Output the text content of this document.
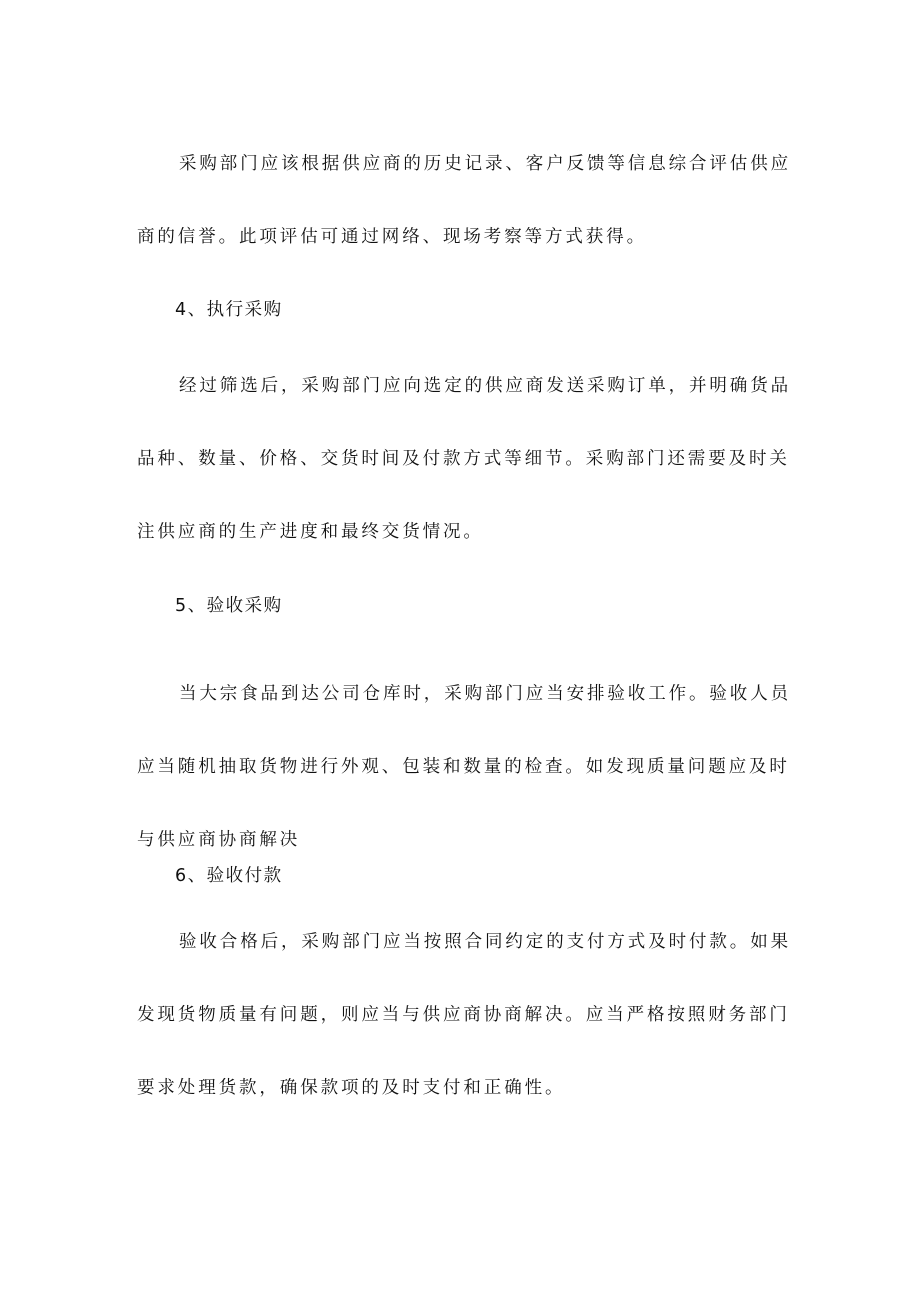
采购部门应该根据供应商的历史记录、客户反馈等信息综合评估供应
商的信誉。此项评估可通过网络、现场考察等方式获得。
4、执行采购
经过筛选后，采购部门应向选定的供应商发送采购订单，并明确货品
品种、数量、价格、交货时间及付款方式等细节。采购部门还需要及时关
注供应商的生产进度和最终交货情况。
5、验收采购
当大宗食品到达公司仓库时，采购部门应当安排验收工作。验收人员
应当随机抽取货物进行外观、包装和数量的检查。如发现质量问题应及时
与供应商协商解决
6、验收付款
验收合格后，采购部门应当按照合同约定的支付方式及时付款。如果
发现货物质量有问题，则应当与供应商协商解决。应当严格按照财务部门
要求处理货款，确保款项的及时支付和正确性。
